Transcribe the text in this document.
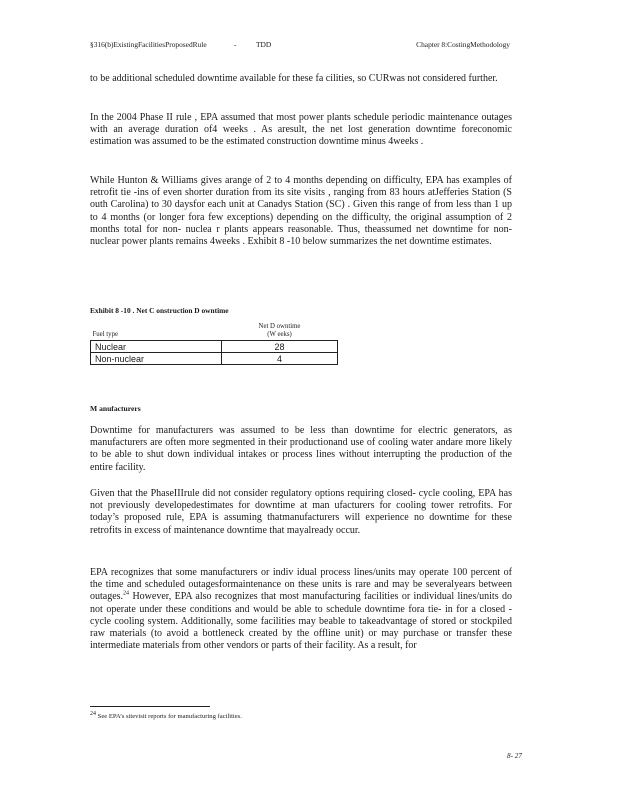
§316(b)ExistingFacilitiesProposedRule	-	TDD	Chapter 8:CostingMethodology

to be additional scheduled downtime available for these fa cilities, so CURwas not considered further.

In the 2004 Phase II rule , EPA assumed that most power plants schedule periodic maintenance outages with an average duration of4 weeks . As aresult, the net lost generation downtime foreconomic estimation was assumed to be the estimated construction downtime minus 4weeks .

While Hunton & Williams gives arange of 2 to 4 months depending on difficulty, EPA has examples of retrofit tie -ins of even shorter duration from its site visits , ranging from 83 hours atJefferies Station (S outh Carolina) to 30 daysfor each unit at Canadys Station (SC) . Given this range of from less than 1 up to 4 months (or longer fora few exceptions) depending on the difficulty, the original assumption of 2 months total for non- nuclea r plants appears reasonable. Thus, theassumed net downtime for non- nuclear power plants remains 4weeks . Exhibit 8 -10 below summarizes the net downtime estimates.

Exhibit 8 -10 . Net C onstruction D owntime
Fuel type	Net D owntime
(W eeks)

Nuclear	28
Non-nuclear	4
M anufacturers

Downtime for manufacturers was assumed to be less than downtime for electric generators, as manufacturers are often more segmented in their productionand use of cooling water andare more likely to be able to shut down individual intakes or process lines without interrupting the production of the entire facility.

Given that the PhaseIIIrule did not consider regulatory options requiring closed- cycle cooling, EPA has not previously developedestimates for downtime at man ufacturers for cooling tower retrofits. For today’s proposed rule, EPA is assuming thatmanufacturers will experience no downtime for these retrofits in excess of maintenance downtime that mayalready occur.

EPA recognizes that some manufacturers or indiv idual process lines/units may operate 100 percent of the time and scheduled outagesformaintenance on these units is rare and may be severalyears between outages.$^{24}$ However, EPA also recognizes that most manufacturing facilities or individual lines/units do not operate under these conditions and would be able to schedule downtime fora tie- in for a closed -cycle cooling system. Additionally, some facilities may beable to takeadvantage of stored or stockpiled raw materials (to avoid a bottleneck created by the offline unit) or may purchase or transfer these intermediate materials from other vendors or parts of their facility. As a result, for

$^{24}$ See EPA’s sitevisit reports for manufacturing facilities.
8- 27
